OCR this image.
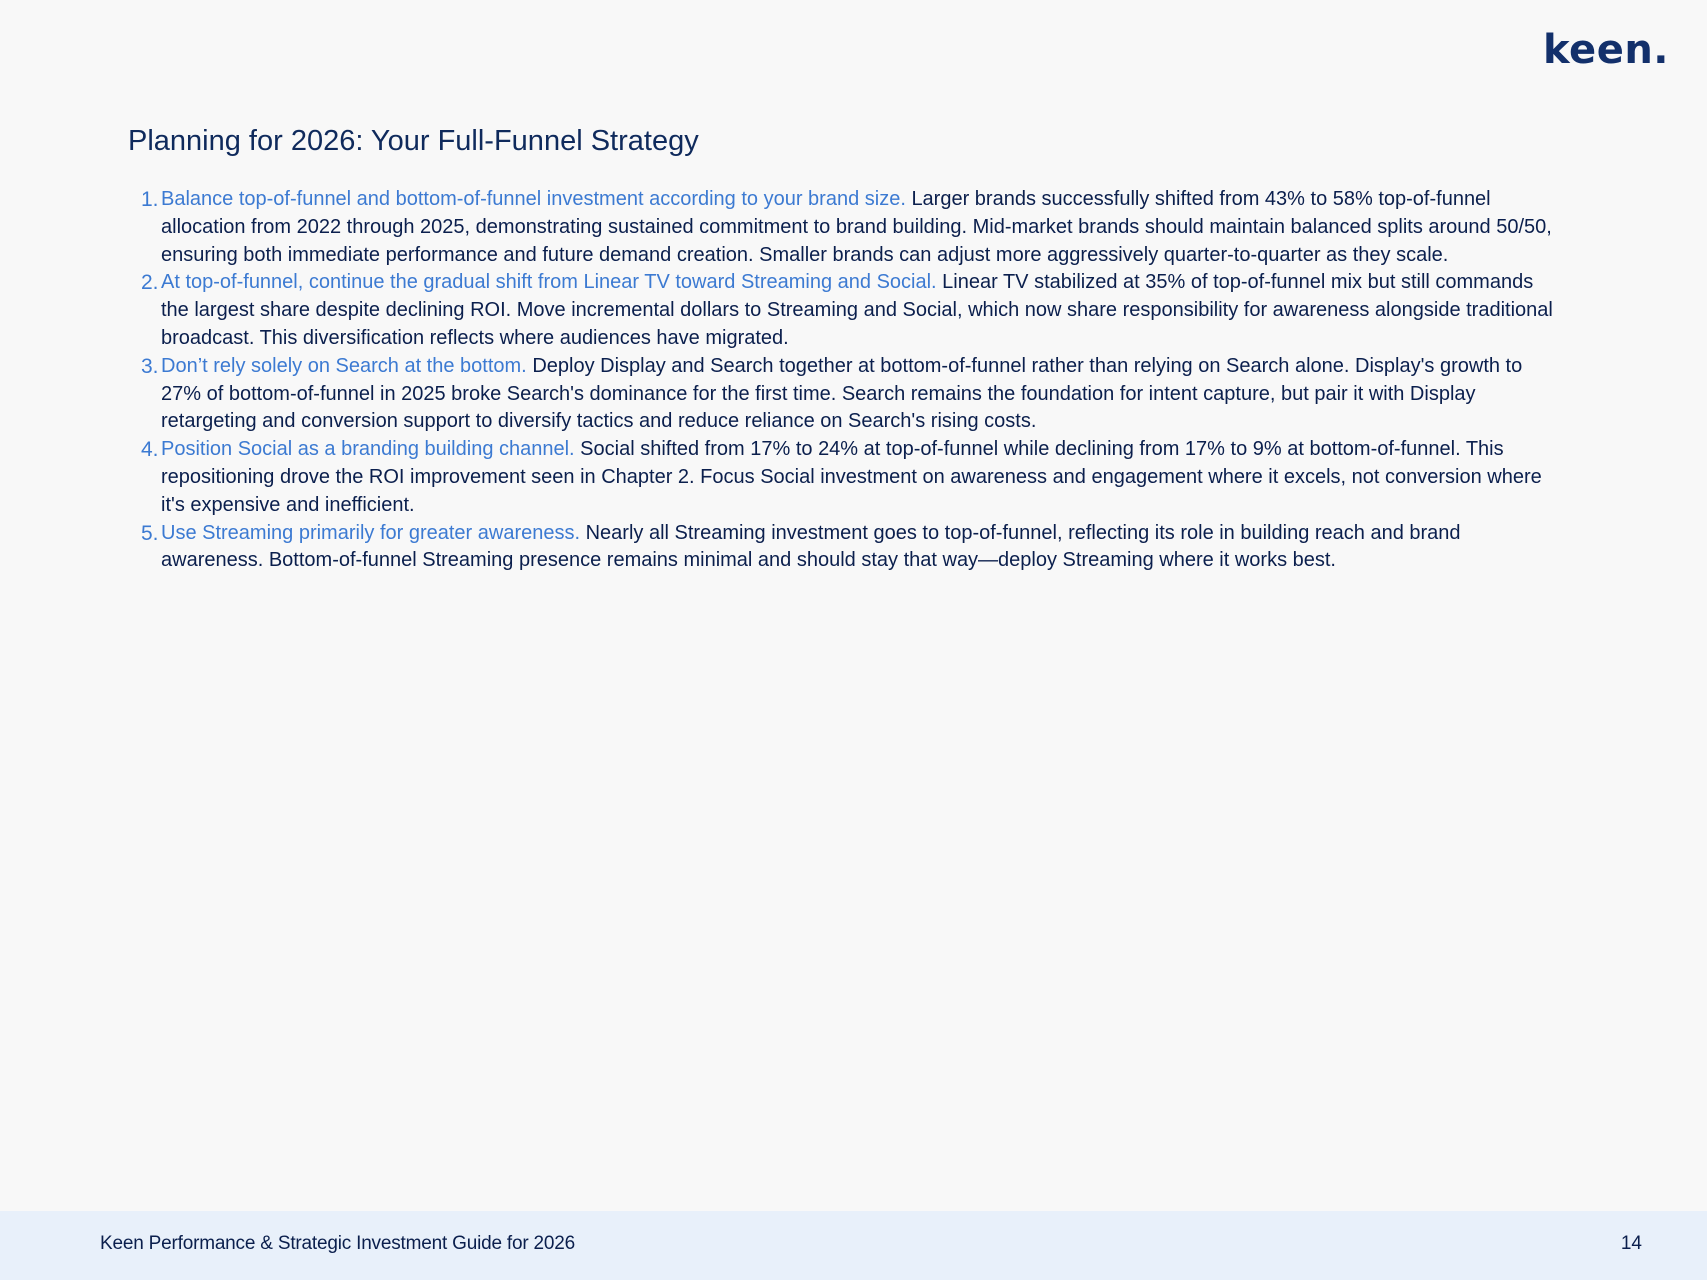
keen.
Planning for 2026: Your Full-Funnel Strategy
1. Balance top-of-funnel and bottom-of-funnel investment according to your brand size. Larger brands successfully shifted from 43% to 58% top-of-funnel allocation from 2022 through 2025, demonstrating sustained commitment to brand building. Mid-market brands should maintain balanced splits around 50/50, ensuring both immediate performance and future demand creation. Smaller brands can adjust more aggressively quarter-to-quarter as they scale.
2. At top-of-funnel, continue the gradual shift from Linear TV toward Streaming and Social. Linear TV stabilized at 35% of top-of-funnel mix but still commands the largest share despite declining ROI. Move incremental dollars to Streaming and Social, which now share responsibility for awareness alongside traditional broadcast. This diversification reflects where audiences have migrated.
3. Don’t rely solely on Search at the bottom. Deploy Display and Search together at bottom-of-funnel rather than relying on Search alone. Display's growth to 27% of bottom-of-funnel in 2025 broke Search's dominance for the first time. Search remains the foundation for intent capture, but pair it with Display retargeting and conversion support to diversify tactics and reduce reliance on Search's rising costs.
4. Position Social as a branding building channel. Social shifted from 17% to 24% at top-of-funnel while declining from 17% to 9% at bottom-of-funnel. This repositioning drove the ROI improvement seen in Chapter 2. Focus Social investment on awareness and engagement where it excels, not conversion where it's expensive and inefficient.
5. Use Streaming primarily for greater awareness. Nearly all Streaming investment goes to top-of-funnel, reflecting its role in building reach and brand awareness. Bottom-of-funnel Streaming presence remains minimal and should stay that way—deploy Streaming where it works best.
Keen Performance & Strategic Investment Guide for 2026	14
